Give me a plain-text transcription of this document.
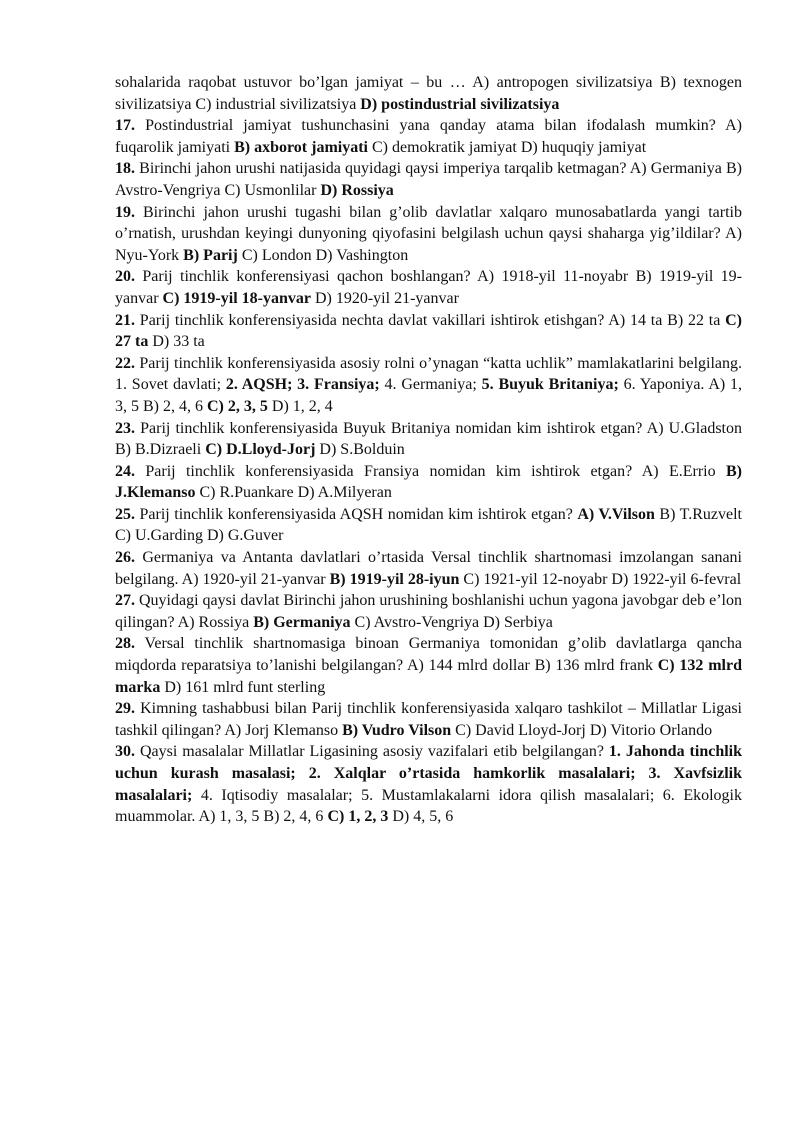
sohalarida raqobat ustuvor bo’lgan jamiyat – bu … A) antropogen sivilizatsiya B) texnogen sivilizatsiya C) industrial sivilizatsiya D) postindustrial sivilizatsiya

17. Postindustrial jamiyat tushunchasini yana qanday atama bilan ifodalash mumkin? A) fuqarolik jamiyati B) axborot jamiyati C) demokratik jamiyat D) huquqiy jamiyat

18. Birinchi jahon urushi natijasida quyidagi qaysi imperiya tarqalib ketmagan? A) Germaniya B) Avstro-Vengriya C) Usmonlilar D) Rossiya

19. Birinchi jahon urushi tugashi bilan g’olib davlatlar xalqaro munosabatlarda yangi tartib o’rnatish, urushdan keyingi dunyoning qiyofasini belgilash uchun qaysi shaharga yig’ildilar? A) Nyu-York B) Parij C) London D) Vashington

20. Parij tinchlik konferensiyasi qachon boshlangan? A) 1918-yil 11-noyabr B) 1919-yil 19-yanvar C) 1919-yil 18-yanvar D) 1920-yil 21-yanvar

21. Parij tinchlik konferensiyasida nechta davlat vakillari ishtirok etishgan? A) 14 ta B) 22 ta C) 27 ta D) 33 ta

22. Parij tinchlik konferensiyasida asosiy rolni o’ynagan “katta uchlik” mamlakatlarini belgilang. 1. Sovet davlati; 2. AQSH; 3. Fransiya; 4. Germaniya; 5. Buyuk Britaniya; 6. Yaponiya. A) 1, 3, 5 B) 2, 4, 6 C) 2, 3, 5 D) 1, 2, 4

23. Parij tinchlik konferensiyasida Buyuk Britaniya nomidan kim ishtirok etgan? A) U.Gladston B) B.Dizraeli C) D.Lloyd-Jorj D) S.Bolduin

24. Parij tinchlik konferensiyasida Fransiya nomidan kim ishtirok etgan? A) E.Errio B) J.Klemanso C) R.Puankare D) A.Milyeran

25. Parij tinchlik konferensiyasida AQSH nomidan kim ishtirok etgan? A) V.Vilson B) T.Ruzvelt C) U.Garding D) G.Guver

26. Germaniya va Antanta davlatlari o’rtasida Versal tinchlik shartnomasi imzolangan sanani belgilang. A) 1920-yil 21-yanvar B) 1919-yil 28-iyun C) 1921-yil 12-noyabr D) 1922-yil 6-fevral

27. Quyidagi qaysi davlat Birinchi jahon urushining boshlanishi uchun yagona javobgar deb e’lon qilingan? A) Rossiya B) Germaniya C) Avstro-Vengriya D) Serbiya

28. Versal tinchlik shartnomasiga binoan Germaniya tomonidan g’olib davlatlarga qancha miqdorda reparatsiya to’lanishi belgilangan? A) 144 mlrd dollar B) 136 mlrd frank C) 132 mlrd marka D) 161 mlrd funt sterling

29. Kimning tashabbusi bilan Parij tinchlik konferensiyasida xalqaro tashkilot – Millatlar Ligasi tashkil qilingan? A) Jorj Klemanso B) Vudro Vilson C) David Lloyd-Jorj D) Vitorio Orlando

30. Qaysi masalalar Millatlar Ligasining asosiy vazifalari etib belgilangan? 1. Jahonda tinchlik uchun kurash masalasi; 2. Xalqlar o’rtasida hamkorlik masalalari; 3. Xavfsizlik masalalari; 4. Iqtisodiy masalalar; 5. Mustamlakalarni idora qilish masalalari; 6. Ekologik muammolar. A) 1, 3, 5 B) 2, 4, 6 C) 1, 2, 3 D) 4, 5, 6
